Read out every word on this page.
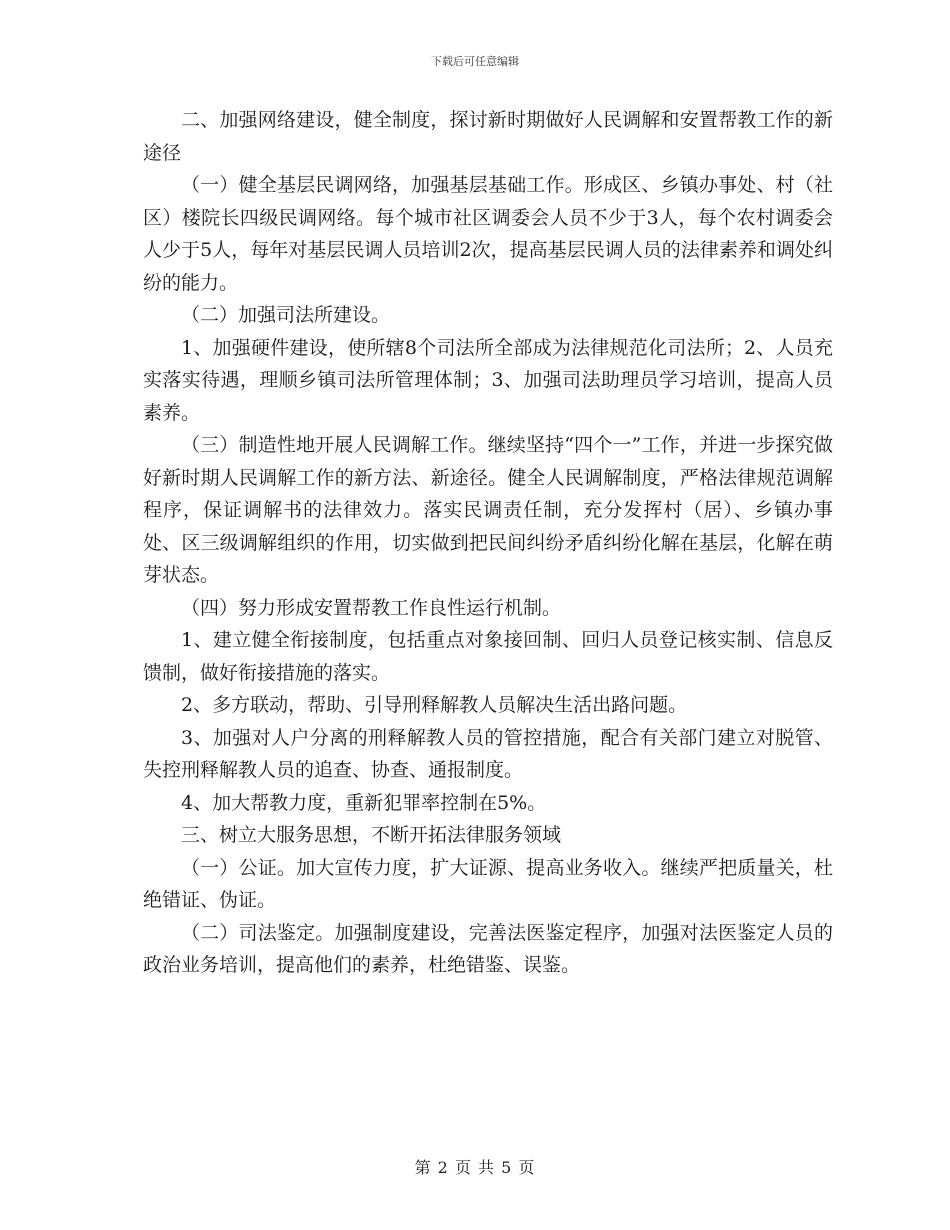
下载后可任意编辑

二、加强网络建设，健全制度，探讨新时期做好人民调解和安置帮教工作的新途径

（一）健全基层民调网络，加强基层基础工作。形成区、乡镇办事处、村（社区）楼院长四级民调网络。每个城市社区调委会人员不少于3人，每个农村调委会人少于5人，每年对基层民调人员培训2次，提高基层民调人员的法律素养和调处纠纷的能力。

（二）加强司法所建设。

1、加强硬件建设，使所辖8个司法所全部成为法律规范化司法所；2、人员充实落实待遇，理顺乡镇司法所管理体制；3、加强司法助理员学习培训，提高人员素养。

（三）制造性地开展人民调解工作。继续坚持“四个一”工作，并进一步探究做好新时期人民调解工作的新方法、新途径。健全人民调解制度，严格法律规范调解程序，保证调解书的法律效力。落实民调责任制，充分发挥村（居）、乡镇办事处、区三级调解组织的作用，切实做到把民间纠纷矛盾纠纷化解在基层，化解在萌芽状态。

（四）努力形成安置帮教工作良性运行机制。

1、建立健全衔接制度，包括重点对象接回制、回归人员登记核实制、信息反馈制，做好衔接措施的落实。

2、多方联动，帮助、引导刑释解教人员解决生活出路问题。

3、加强对人户分离的刑释解教人员的管控措施，配合有关部门建立对脱管、失控刑释解教人员的追查、协查、通报制度。

4、加大帮教力度，重新犯罪率控制在5%。

三、树立大服务思想，不断开拓法律服务领域

（一）公证。加大宣传力度，扩大证源、提高业务收入。继续严把质量关，杜绝错证、伪证。

（二）司法鉴定。加强制度建设，完善法医鉴定程序，加强对法医鉴定人员的政治业务培训，提高他们的素养，杜绝错鉴、误鉴。

第 2 页 共 5 页
